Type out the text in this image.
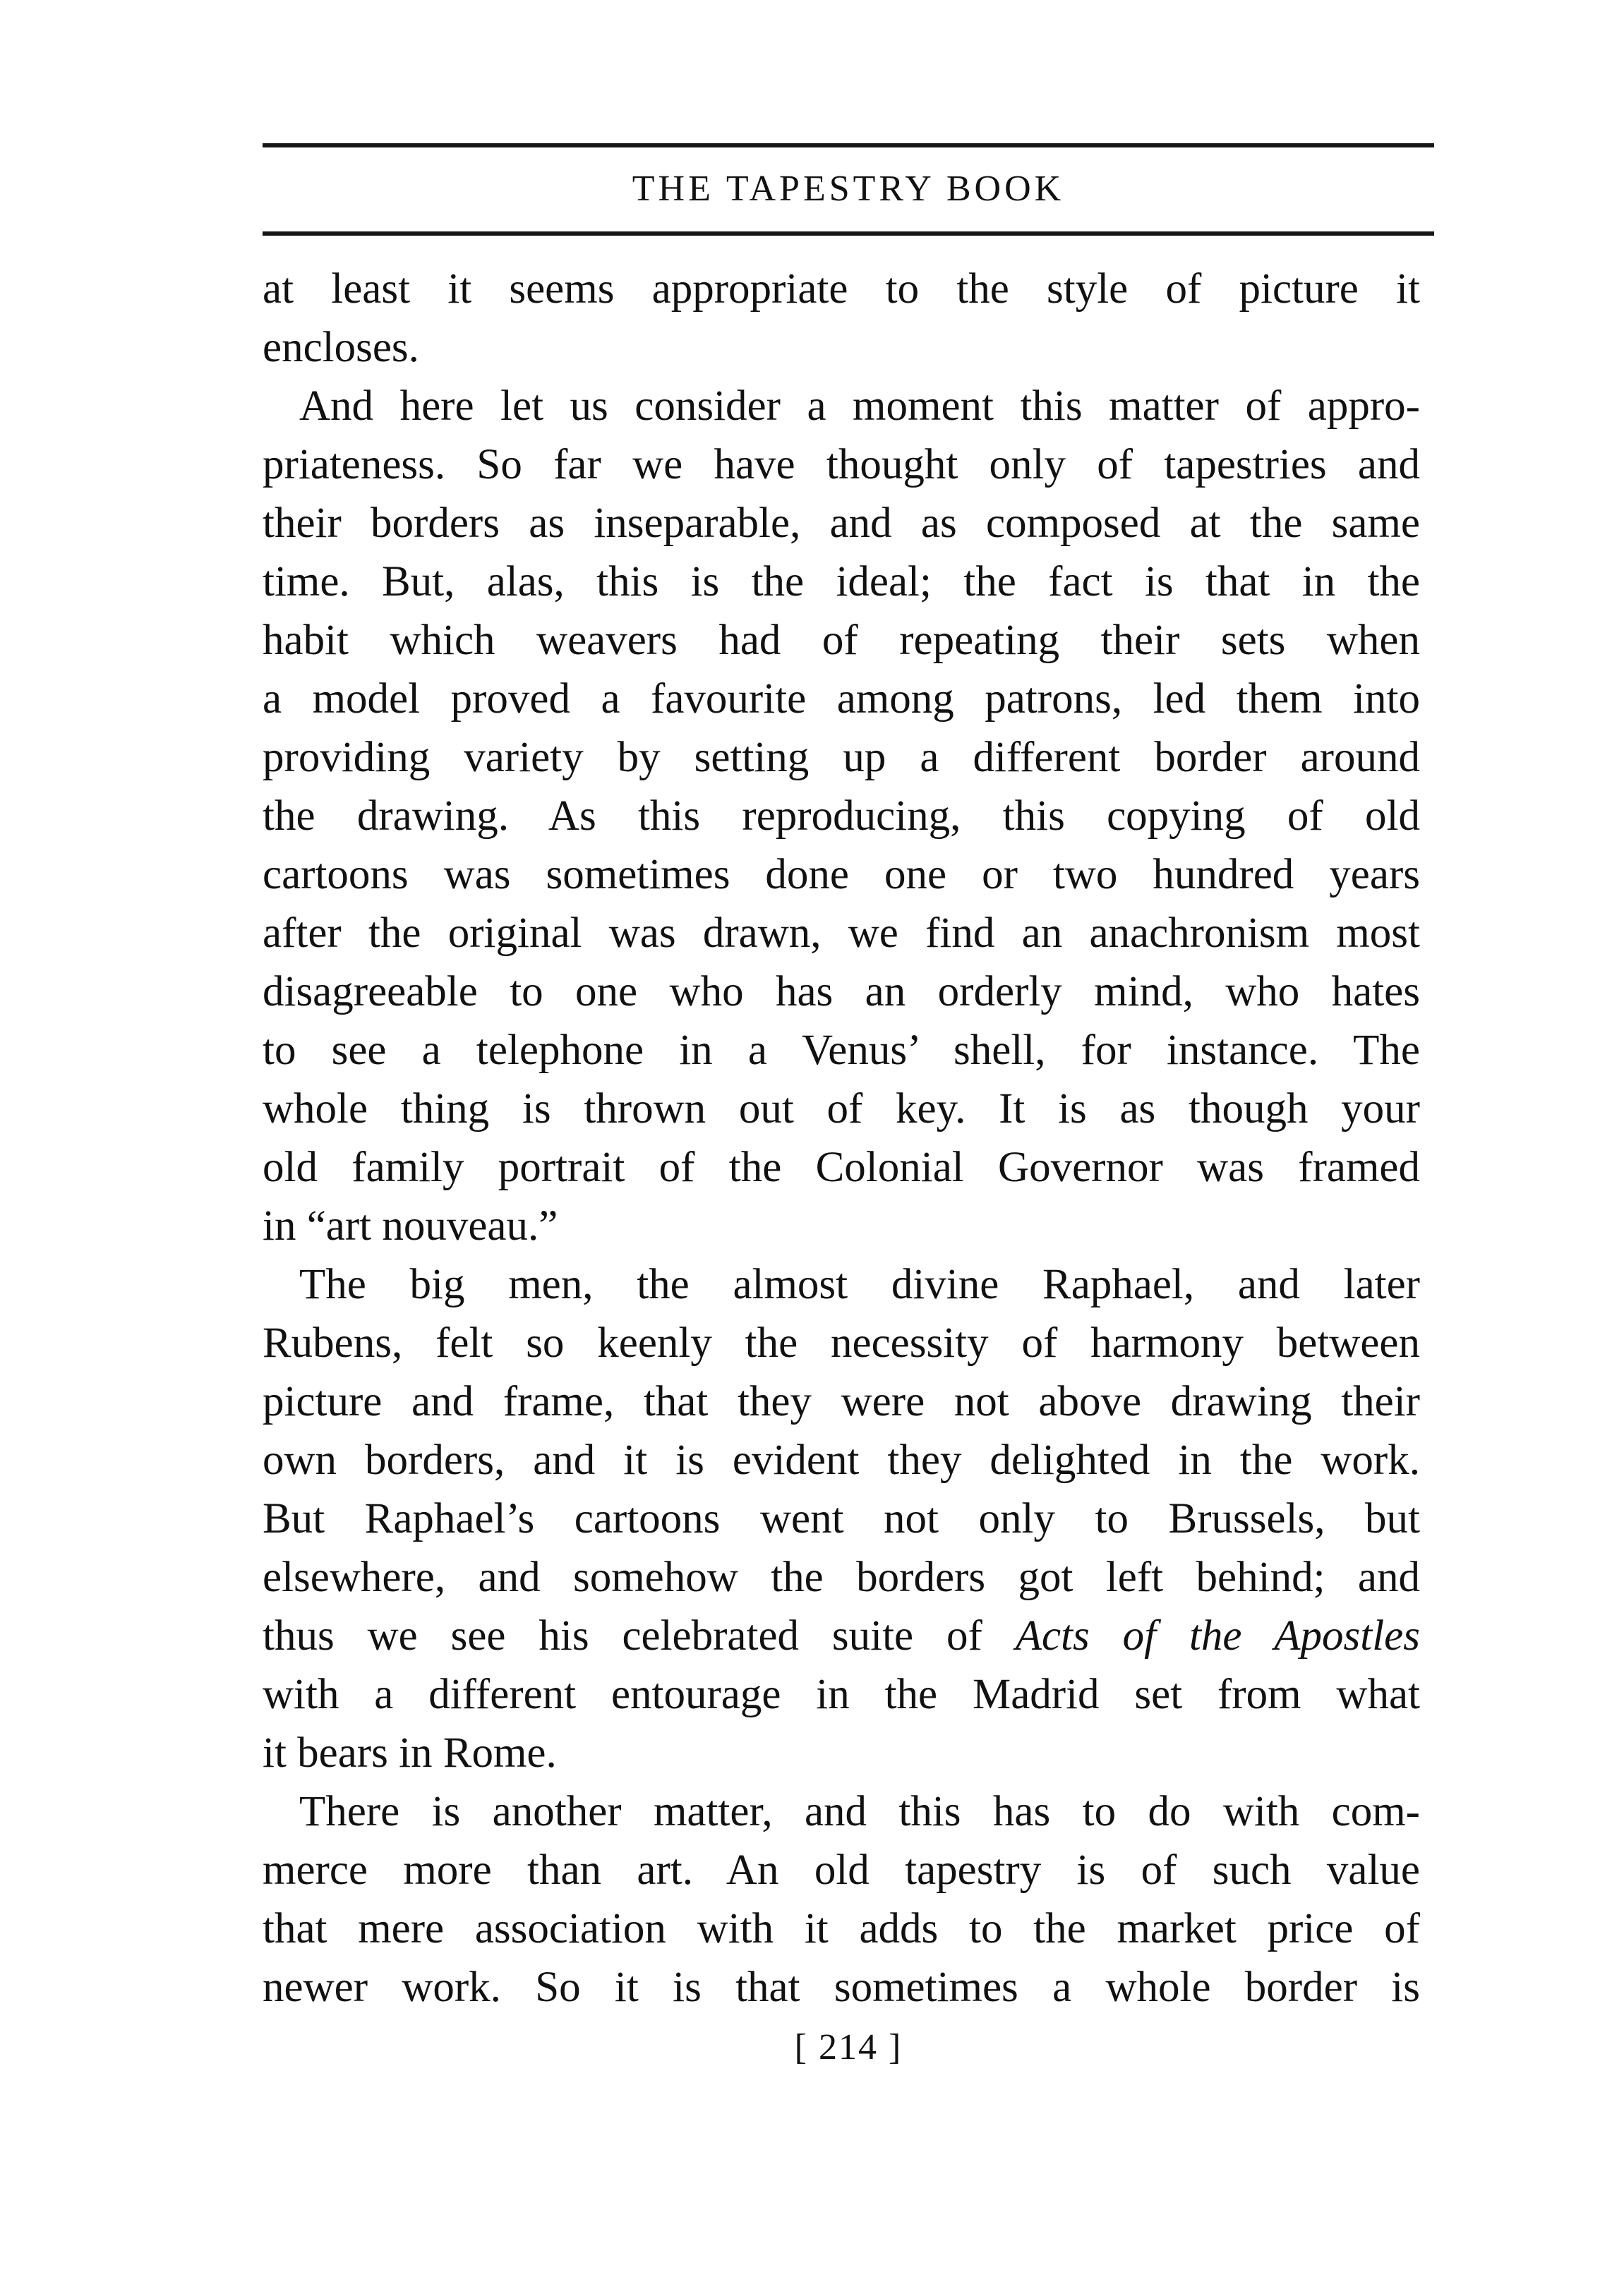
THE TAPESTRY BOOK
at least it seems appropriate to the style of picture it
encloses.
And here let us consider a moment this matter of appro-
priateness. So far we have thought only of tapestries and
their borders as inseparable, and as composed at the same
time. But, alas, this is the ideal; the fact is that in the
habit which weavers had of repeating their sets when
a model proved a favourite among patrons, led them into
providing variety by setting up a different border around
the drawing. As this reproducing, this copying of old
cartoons was sometimes done one or two hundred years
after the original was drawn, we find an anachronism most
disagreeable to one who has an orderly mind, who hates
to see a telephone in a Venus’ shell, for instance. The
whole thing is thrown out of key. It is as though your
old family portrait of the Colonial Governor was framed
in “art nouveau.”
The big men, the almost divine Raphael, and later
Rubens, felt so keenly the necessity of harmony between
picture and frame, that they were not above drawing their
own borders, and it is evident they delighted in the work.
But Raphael’s cartoons went not only to Brussels, but
elsewhere, and somehow the borders got left behind; and
thus we see his celebrated suite of Acts of the Apostles
with a different entourage in the Madrid set from what
it bears in Rome.
There is another matter, and this has to do with com-
merce more than art. An old tapestry is of such value
that mere association with it adds to the market price of
newer work. So it is that sometimes a whole border is
[ 214 ]
